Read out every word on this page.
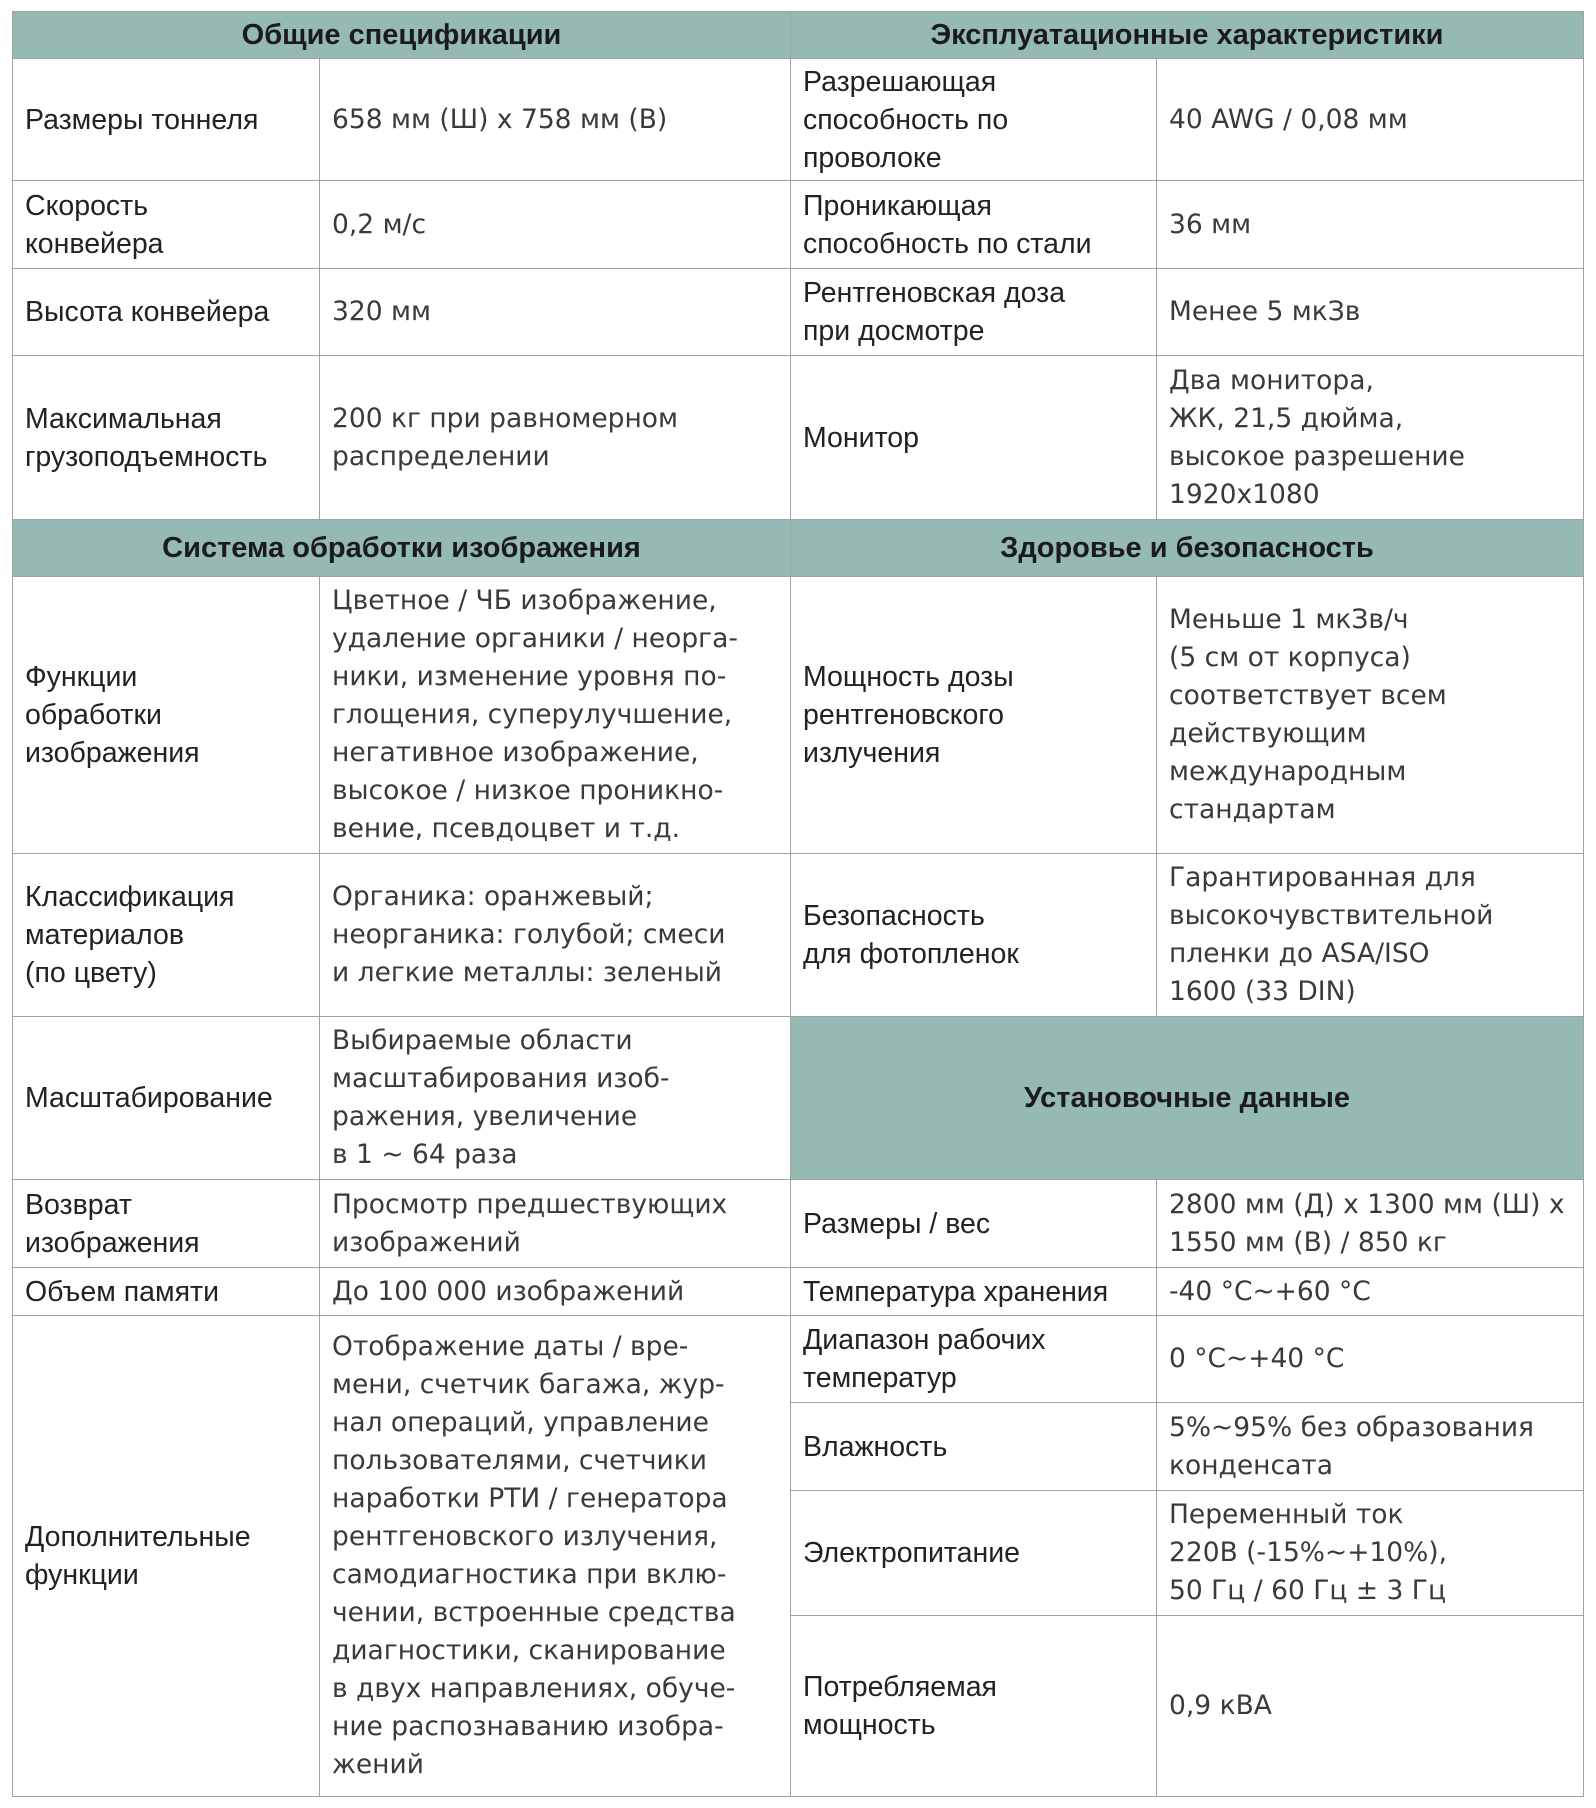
Общие спецификации
Размеры тоннеля	658 мм (Ш) х 758 мм (В)
Скорость
конвейера
0,2 м/с
Высота конвейера 320 мм
Максимальная
грузоподъемность
200 кг при равномерном
распределении
Система обработки изображения
Функции
обработки
изображения
Цветное / ЧБ изображение,
удаление органики / неорга-
ники, изменение уровня по-
глощения, суперулучшение,
негативное изображение,
высокое / низкое проникно-
вение, псевдоцвет и т.д.
Классификация
материалов
(по цвету)
Органика: оранжевый;
неорганика: голубой; смеси
и легкие металлы: зеленый
Масштабирование
Выбираемые области
масштабирования изоб-
ражения, увеличение
в 1 ~ 64 раза
Возврат
изображения
Просмотр предшествующих
изображений
Объем памяти	До 100 000 изображений
Дополнительные
функции
Отображение даты / вре-
мени, счетчик багажа, жур-
нал операций, управление
пользователями, счетчики
наработки РТИ / генератора
рентгеновского излучения,
самодиагностика при вклю-
чении, встроенные средства
диагностики, сканирование
в двух направлениях, обуче-
ние распознаванию изобра-
жений
Эксплуатационные характеристики
Разрешающая
способность по
проволоке
40 AWG / 0,08 мм
Проникающая
способность по стали
36 мм
Рентгеновская доза
при досмотре
Менее 5 мкЗв
Монитор
Два монитора,
ЖК, 21,5 дюйма,
высокое разрешение
1920х1080
Здоровье и безопасность
Мощность дозы
рентгеновского
излучения
Меньше 1 мкЗв/ч
(5 см от корпуса)
соответствует всем
действующим
международным
стандартам
Безопасность
для фотопленок
Гарантированная для
высокочувствительной
пленки до ASA/ISO
1600 (33 DIN)
Установочные данные
Размеры / вес
2800 мм (Д) х 1300 мм (Ш) х
1550 мм (В) / 850 кг
Температура хранения -40 °C~+60 °C
Диапазон рабочих
температур
0 °C~+40 °C
Влажность
5%~95% без образования
конденсата
Электропитание
Переменный ток
220В (-15%~+10%),
50 Гц / 60 Гц ± 3 Гц
Потребляемая
мощность
0,9 кВА
